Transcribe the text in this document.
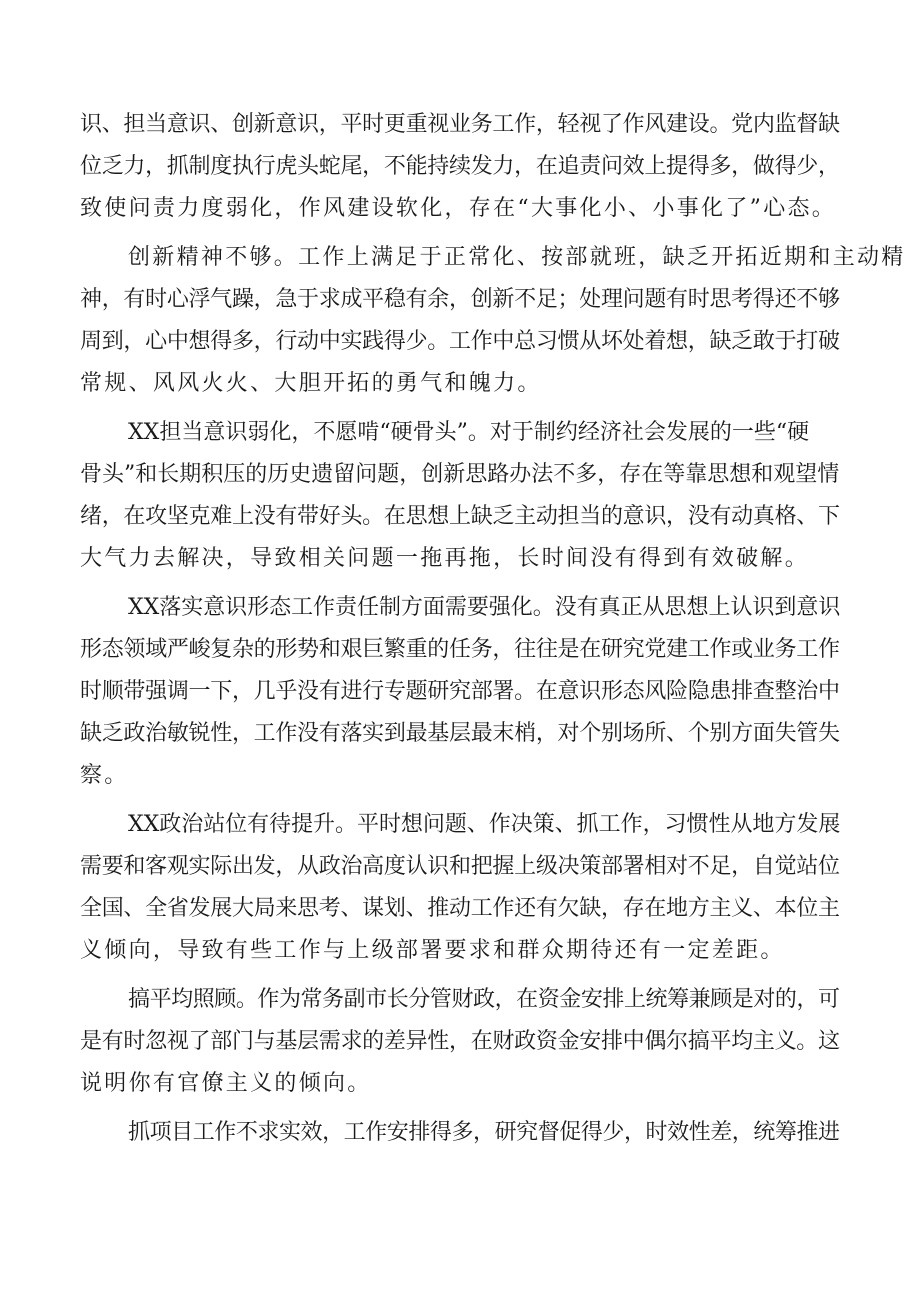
识、担当意识、创新意识，平时更重视业务工作，轻视了作风建设。党内监督缺
位乏力，抓制度执行虎头蛇尾，不能持续发力，在追责问效上提得多，做得少，
致使问责力度弱化，作风建设软化，存在“大事化小、小事化了”心态。
创新精神不够。工作上满足于正常化、按部就班，缺乏开拓近期和主动精
神，有时心浮气躁，急于求成平稳有余，创新不足；处理问题有时思考得还不够
周到，心中想得多，行动中实践得少。工作中总习惯从坏处着想，缺乏敢于打破
常规、风风火火、大胆开拓的勇气和魄力。
XX担当意识弱化，不愿啃“硬骨头”。对于制约经济社会发展的一些“硬
骨头”和长期积压的历史遗留问题，创新思路办法不多，存在等靠思想和观望情
绪，在攻坚克难上没有带好头。在思想上缺乏主动担当的意识，没有动真格、下
大气力去解决，导致相关问题一拖再拖，长时间没有得到有效破解。
XX落实意识形态工作责任制方面需要强化。没有真正从思想上认识到意识
形态领域严峻复杂的形势和艰巨繁重的任务，往往是在研究党建工作或业务工作
时顺带强调一下，几乎没有进行专题研究部署。在意识形态风险隐患排查整治中
缺乏政治敏锐性，工作没有落实到最基层最末梢，对个别场所、个别方面失管失
察。
XX政治站位有待提升。平时想问题、作决策、抓工作，习惯性从地方发展
需要和客观实际出发，从政治高度认识和把握上级决策部署相对不足，自觉站位
全国、全省发展大局来思考、谋划、推动工作还有欠缺，存在地方主义、本位主
义倾向，导致有些工作与上级部署要求和群众期待还有一定差距。
搞平均照顾。作为常务副市长分管财政，在资金安排上统筹兼顾是对的，可
是有时忽视了部门与基层需求的差异性，在财政资金安排中偶尔搞平均主义。这
说明你有官僚主义的倾向。
抓项目工作不求实效，工作安排得多，研究督促得少，时效性差，统筹推进
